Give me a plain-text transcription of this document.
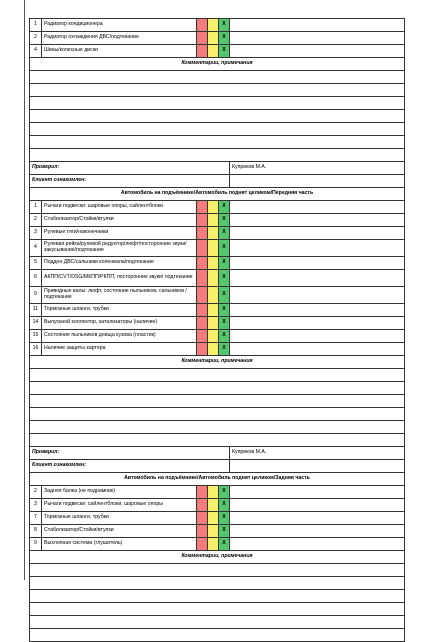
1	Радиатор кондиционера			X	
2	Радиатор охлаждения ДВС/подтекание			X	
4	Шины/колесные диски			X	
Комментарии, примечания					

Проверил:					Куприков М.А.
Клиент ознакомлен:					
Автомобиль на подъёмнике/Автомобиль поднят целиком/Передняя часть					
1	Рычаги подвески: шаровые опоры, сайлентблоки			X	
2	Стабилизатор/Стойки/втулки			X	
3	Рулевые тяги/наконечники			X	
4	Рулевая рейка/рулевой редуктор/люфт/посторонние звуки/закусывание/подтекание			X	
5	Поддон ДВС/сальники коленвала/подтекание			X	
6	АКПП/CVT/DSG/МКПП/РКПП, посторонние звуки/ подтекание			X	
9	Приводные валы: люфт, состояние пыльников, сальников / подтекание			X	
11	Тормозные шланги, трубки			X	
14	Выпускной коллектор, катализаторы (наличие)			X	
15	Состояние пыльников днища кузова (пластик)			X	
16	Наличие защиты картера			X	
Комментарии, примечания					

Проверил:					Куприков М.А.
Клиент ознакомлен:					
Автомобиль на подъёмнике/Автомобиль поднят целиком/Задняя часть					
2	Задняя балка (не подрамник)			X	
3	Рычаги подвески: сайлентблоки, шаровые опоры			X	
7	Тормозные шланги, трубки			X	
8	Стабилизатор/Стойки/втулки			X	
9	Выхлопная система (глушитель)			X	
Комментарии, примечания					
